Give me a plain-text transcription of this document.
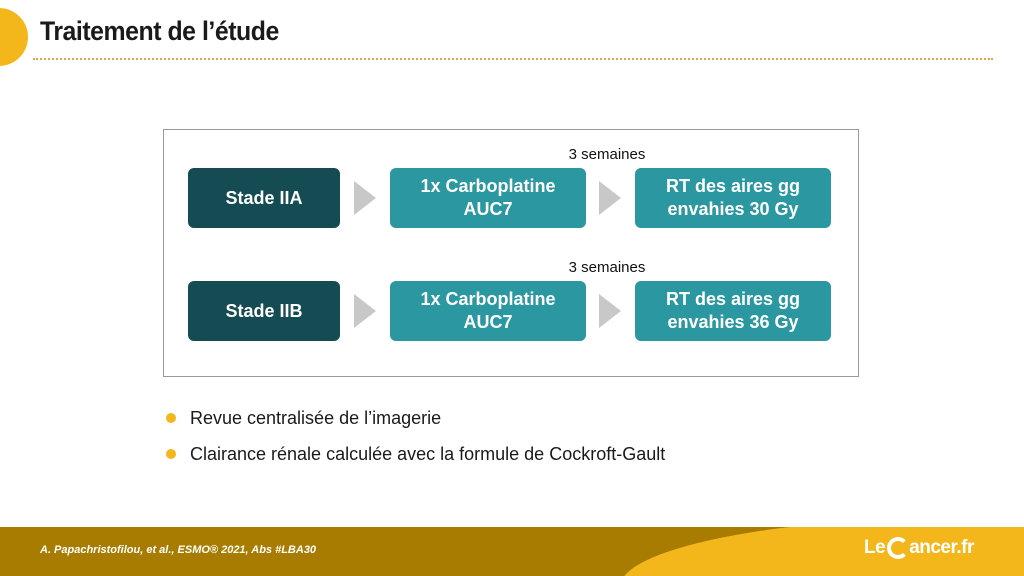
Traitement de l’étude
3 semaines
Stade IIA
1x Carboplatine
AUC7
RT des aires gg
envahies 30 Gy
3 semaines
Stade IIB
1x Carboplatine
AUC7
RT des aires gg
envahies 36 Gy
Revue centralisée de l’imagerie
Clairance rénale calculée avec la formule de Cockroft-Gault
A. Papachristofilou, et al., ESMO® 2021, Abs #LBA30	Le ancer.fr
